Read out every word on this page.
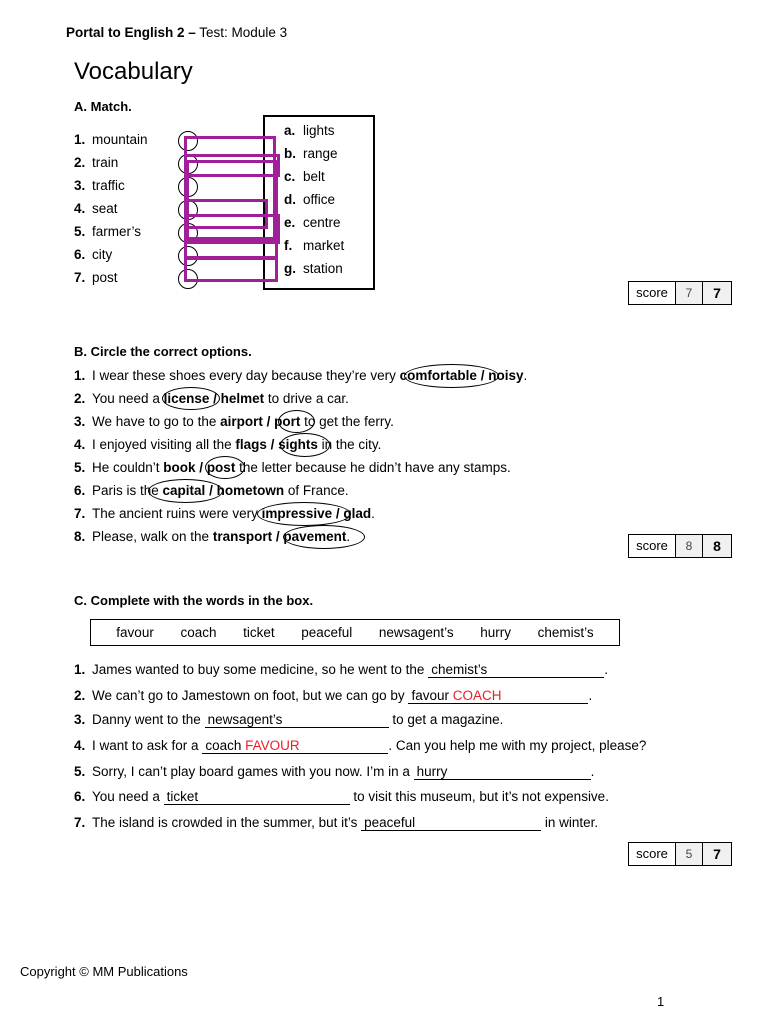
Portal to English 2 – Test: Module 3
Vocabulary
A. Match.
1. mountain
2. train
3. traffic
4. seat
5. farmer’s
6. city
7. post
a. lights
b. range
c. belt
d. office
e. centre
f. market
g. station
score	7	7
B. Circle the correct options.
1. I wear these shoes every day because they’re very comfortable / noisy.
2. You need a license / helmet to drive a car.
3. We have to go to the airport / port to get the ferry.
4. I enjoyed visiting all the flags / sights in the city.
5. He couldn’t book / post the letter because he didn’t have any stamps.
6. Paris is the capital / hometown of France.
7. The ancient ruins were very impressive / glad.
8. Please, walk on the transport / pavement.
score	8	8
C. Complete with the words in the box.
favour coach ticket peaceful newsagent’s hurry chemist’s
1. James wanted to buy some medicine, so he went to the chemist’s	.
2. We can’t go to Jamestown on foot, but we can go by favour COACH	.
3. Danny went to the newsagent’s	to get a magazine.
4. I want to ask for a coach FAVOUR	. Can you help me with my project, please?
5. Sorry, I can’t play board games with you now. I’m in a hurry	.
6. You need a ticket	to visit this museum, but it’s not expensive.
7. The island is crowded in the summer, but it’s peaceful	in winter.
score	5	7
Copyright © MM Publications
1
